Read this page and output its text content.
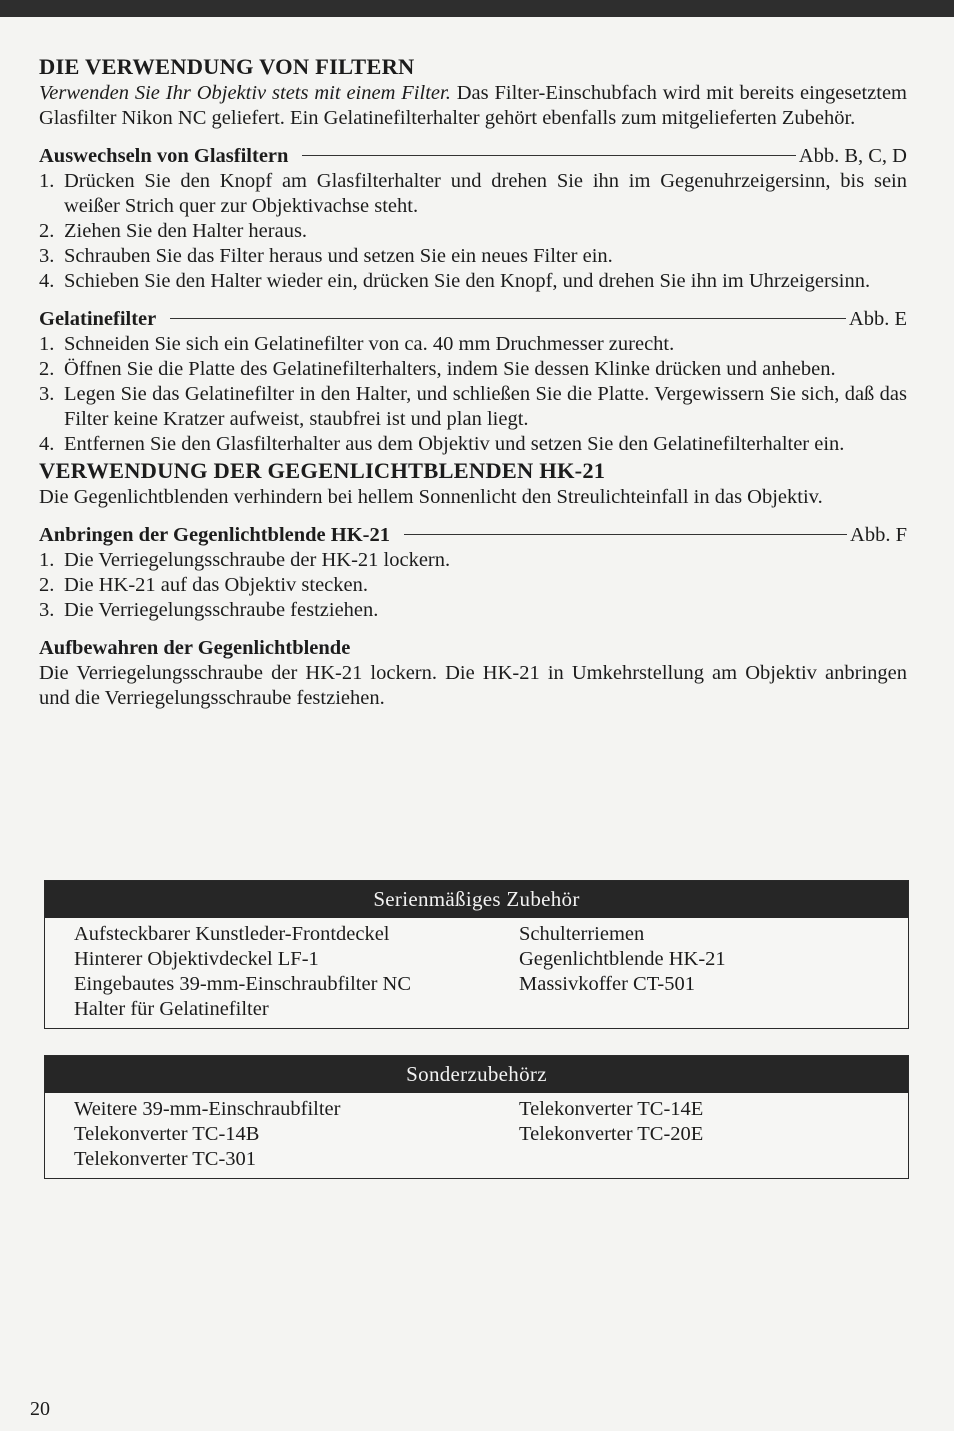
DIE VERWENDUNG VON FILTERN

Verwenden Sie Ihr Objektiv stets mit einem Filter. Das Filter-Einschubfach wird mit bereits eingesetztem Glasfilter Nikon NC geliefert. Ein Gelatinefilterhalter gehört ebenfalls zum mitgelieferten Zubehör.

Auswechseln von Glasfiltern	Abb. B, C, D
1. Drücken Sie den Knopf am Glasfilterhalter und drehen Sie ihn im Gegenuhrzeigersinn, bis sein weißer Strich quer zur Objektivachse steht.
2. Ziehen Sie den Halter heraus.
3. Schrauben Sie das Filter heraus und setzen Sie ein neues Filter ein.
4. Schieben Sie den Halter wieder ein, drücken Sie den Knopf, und drehen Sie ihn im Uhrzeigersinn.
Gelatinefilter	Abb. E
1. Schneiden Sie sich ein Gelatinefilter von ca. 40 mm Druchmesser zurecht.
2. Öffnen Sie die Platte des Gelatinefilterhalters, indem Sie dessen Klinke drücken und anheben.
3. Legen Sie das Gelatinefilter in den Halter, und schließen Sie die Platte. Vergewissern Sie sich, daß das Filter keine Kratzer aufweist, staubfrei ist und plan liegt.
4. Entfernen Sie den Glasfilterhalter aus dem Objektiv und setzen Sie den Gelatinefilterhalter ein.
VERWENDUNG DER GEGENLICHTBLENDEN HK-21

Die Gegenlichtblenden verhindern bei hellem Sonnenlicht den Streulichteinfall in das Objektiv.

Anbringen der Gegenlichtblende HK-21	Abb. F
1. Die Verriegelungsschraube der HK-21 lockern.
2. Die HK-21 auf das Objektiv stecken.
3. Die Verriegelungsschraube festziehen.
Aufbewahren der Gegenlichtblende

Die Verriegelungsschraube der HK-21 lockern. Die HK-21 in Umkehrstellung am Objektiv anbringen und die Verriegelungsschraube festziehen.

Serienmäßiges Zubehör
Aufsteckbarer Kunstleder-Frontdeckel
Hinterer Objektivdeckel LF-1
Eingebautes 39-mm-Einschraubfilter NC
Halter für Gelatinefilter
Schulterriemen
Gegenlichtblende HK-21
Massivkoffer CT-501
Sonderzubehörz
Weitere 39-mm-Einschraubfilter
Telekonverter TC-14B
Telekonverter TC-301
Telekonverter TC-14E
Telekonverter TC-20E
20
